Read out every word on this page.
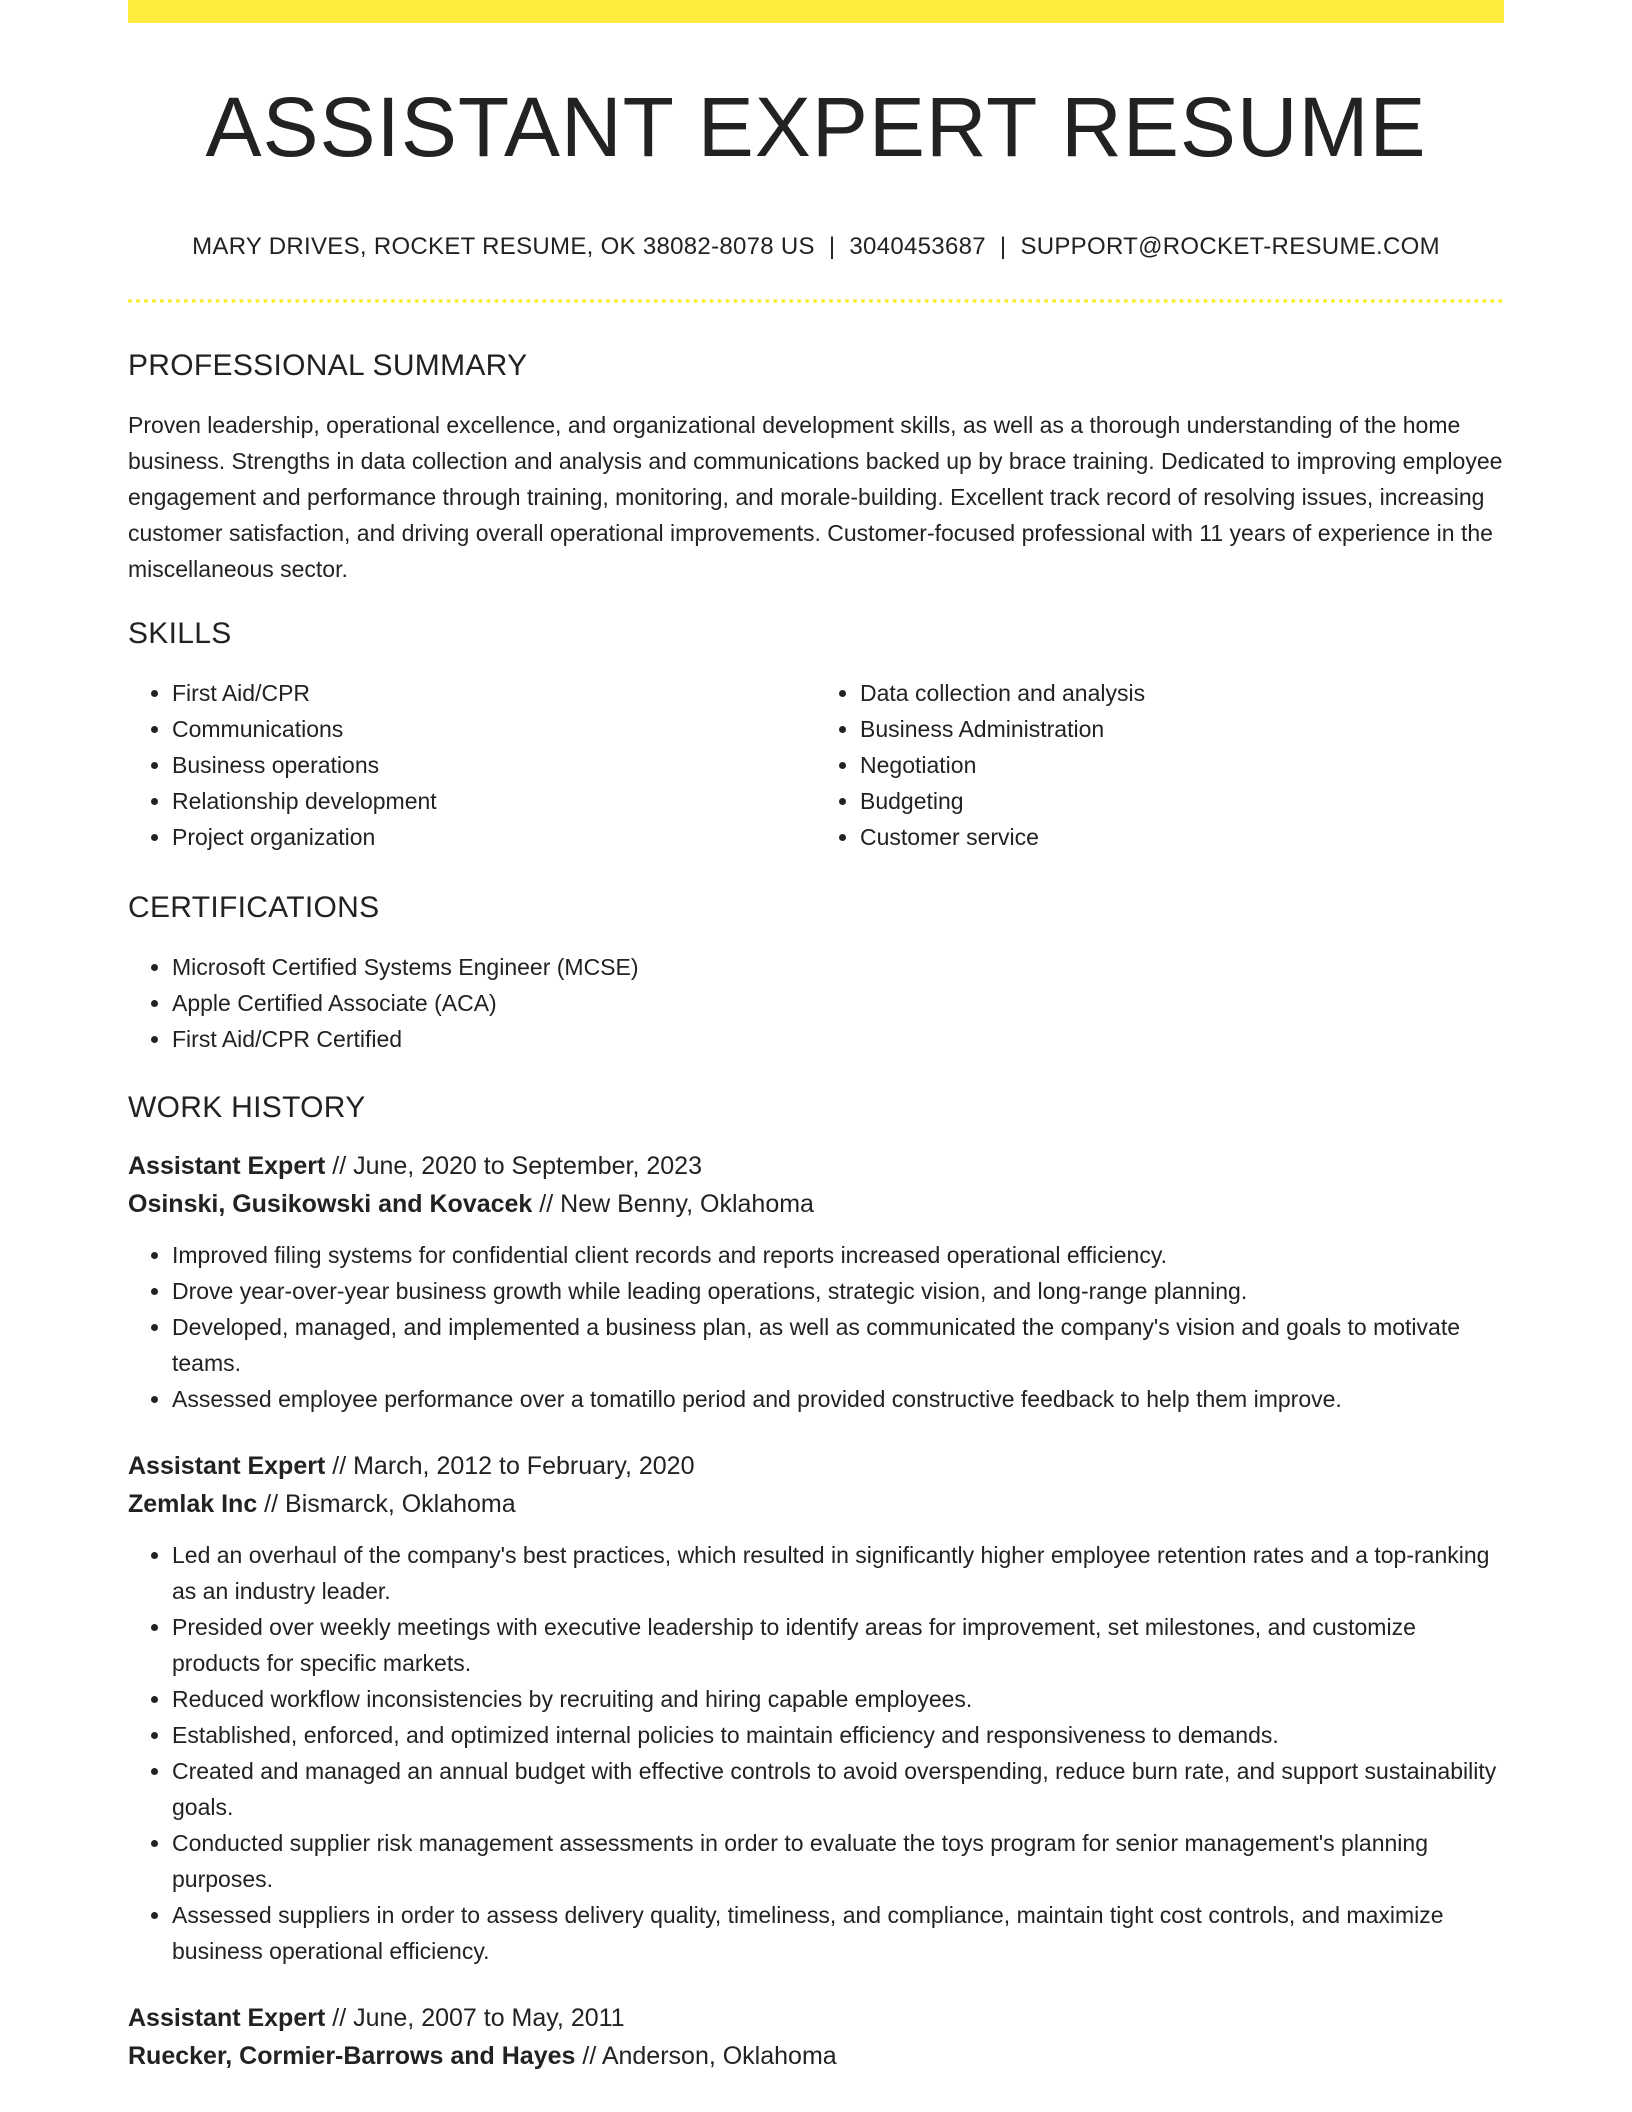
ASSISTANT EXPERT RESUME
MARY DRIVES, ROCKET RESUME, OK 38082-8078 US | 3040453687 | SUPPORT@ROCKET-RESUME.COM
PROFESSIONAL SUMMARY

Proven leadership, operational excellence, and organizational development skills, as well as a thorough understanding of the home business. Strengths in data collection and analysis and communications backed up by brace training. Dedicated to improving employee engagement and performance through training, monitoring, and morale-building. Excellent track record of resolving issues, increasing customer satisfaction, and driving overall operational improvements. Customer-focused professional with 11 years of experience in the miscellaneous sector.

SKILLS
• First Aid/CPR
• Communications
• Business operations
• Relationship development
• Project organization
• Data collection and analysis
• Business Administration
• Negotiation
• Budgeting
• Customer service
CERTIFICATIONS
• Microsoft Certified Systems Engineer (MCSE)
• Apple Certified Associate (ACA)
• First Aid/CPR Certified
WORK HISTORY
Assistant Expert // June, 2020 to September, 2023
Osinski, Gusikowski and Kovacek // New Benny, Oklahoma
• Improved filing systems for confidential client records and reports increased operational efficiency.
• Drove year-over-year business growth while leading operations, strategic vision, and long-range planning.
• Developed, managed, and implemented a business plan, as well as communicated the company's vision and goals to motivate teams.
• Assessed employee performance over a tomatillo period and provided constructive feedback to help them improve.
Assistant Expert // March, 2012 to February, 2020
Zemlak Inc // Bismarck, Oklahoma
• Led an overhaul of the company's best practices, which resulted in significantly higher employee retention rates and a top-ranking as an industry leader.
• Presided over weekly meetings with executive leadership to identify areas for improvement, set milestones, and customize products for specific markets.
• Reduced workflow inconsistencies by recruiting and hiring capable employees.
• Established, enforced, and optimized internal policies to maintain efficiency and responsiveness to demands.
• Created and managed an annual budget with effective controls to avoid overspending, reduce burn rate, and support sustainability goals.
• Conducted supplier risk management assessments in order to evaluate the toys program for senior management's planning purposes.
• Assessed suppliers in order to assess delivery quality, timeliness, and compliance, maintain tight cost controls, and maximize business operational efficiency.
Assistant Expert // June, 2007 to May, 2011
Ruecker, Cormier-Barrows and Hayes // Anderson, Oklahoma
